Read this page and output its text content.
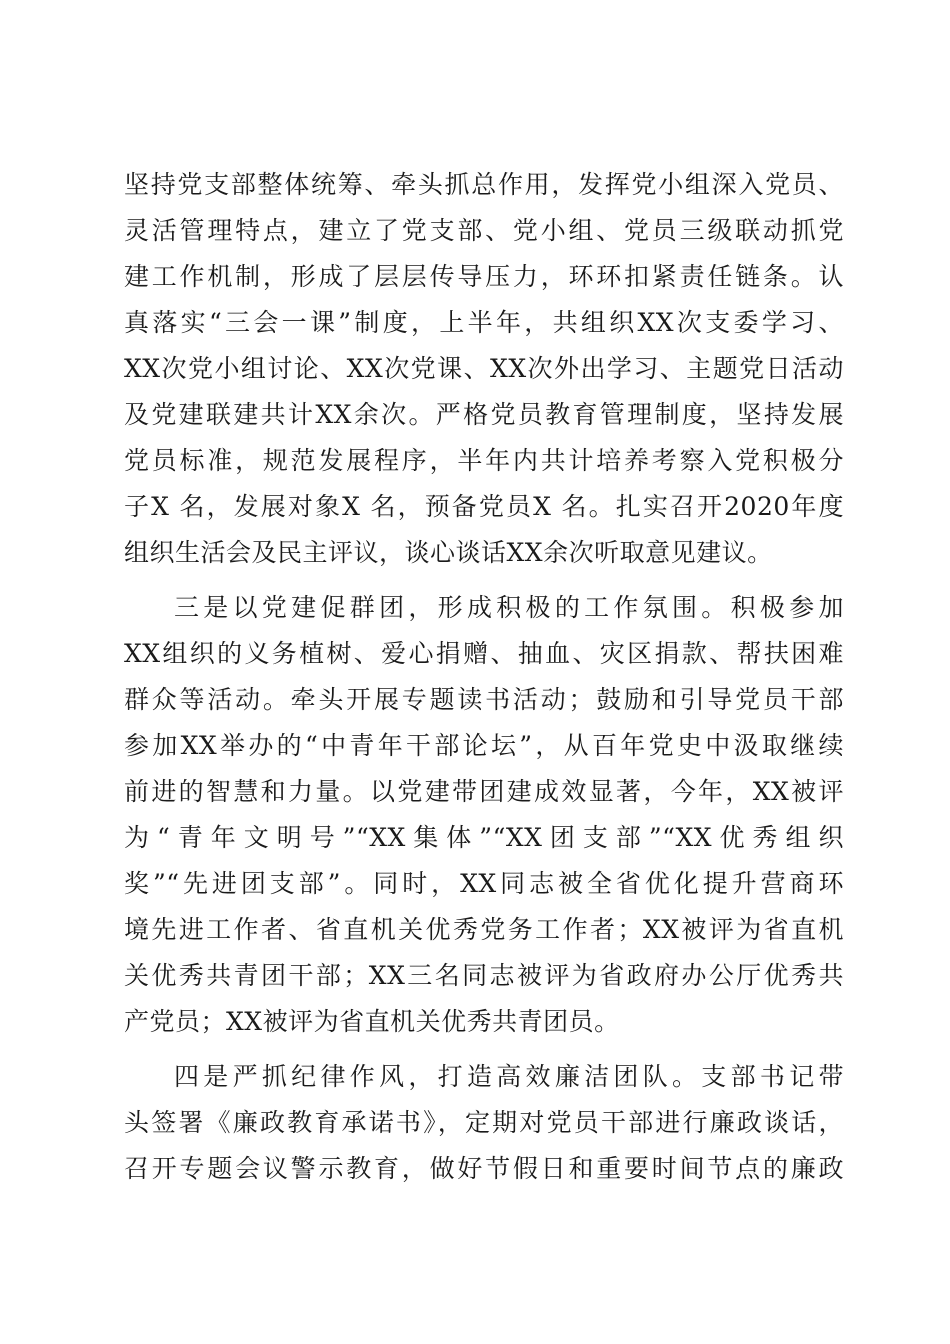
坚持党支部整体统筹、牵头抓总作用，发挥党小组深入党员、
灵活管理特点，建立了党支部、党小组、党员三级联动抓党
建工作机制，形成了层层传导压力，环环扣紧责任链条。认
真落实“三会一课”制度，上半年，共组织XX次支委学习、
XX次党小组讨论、XX次党课、XX次外出学习、主题党日活动
及党建联建共计XX余次。严格党员教育管理制度，坚持发展
党员标准，规范发展程序，半年内共计培养考察入党积极分
子X 名，发展对象X 名，预备党员X 名。扎实召开2020年度
组织生活会及民主评议，谈心谈话XX余次听取意见建议。
三是以党建促群团，形成积极的工作氛围。积极参加
XX组织的义务植树、爱心捐赠、抽血、灾区捐款、帮扶困难
群众等活动。牵头开展专题读书活动；鼓励和引导党员干部
参加XX举办的“中青年干部论坛”，从百年党史中汲取继续
前进的智慧和力量。以党建带团建成效显著，今年，XX被评
为“青年文明号”“XX集体”“XX团支部”“XX优秀组织
奖”“先进团支部”。同时，XX同志被全省优化提升营商环
境先进工作者、省直机关优秀党务工作者；XX被评为省直机
关优秀共青团干部；XX三名同志被评为省政府办公厅优秀共
产党员；XX被评为省直机关优秀共青团员。
四是严抓纪律作风，打造高效廉洁团队。支部书记带
头签署《廉政教育承诺书》，定期对党员干部进行廉政谈话，
召开专题会议警示教育，做好节假日和重要时间节点的廉政
